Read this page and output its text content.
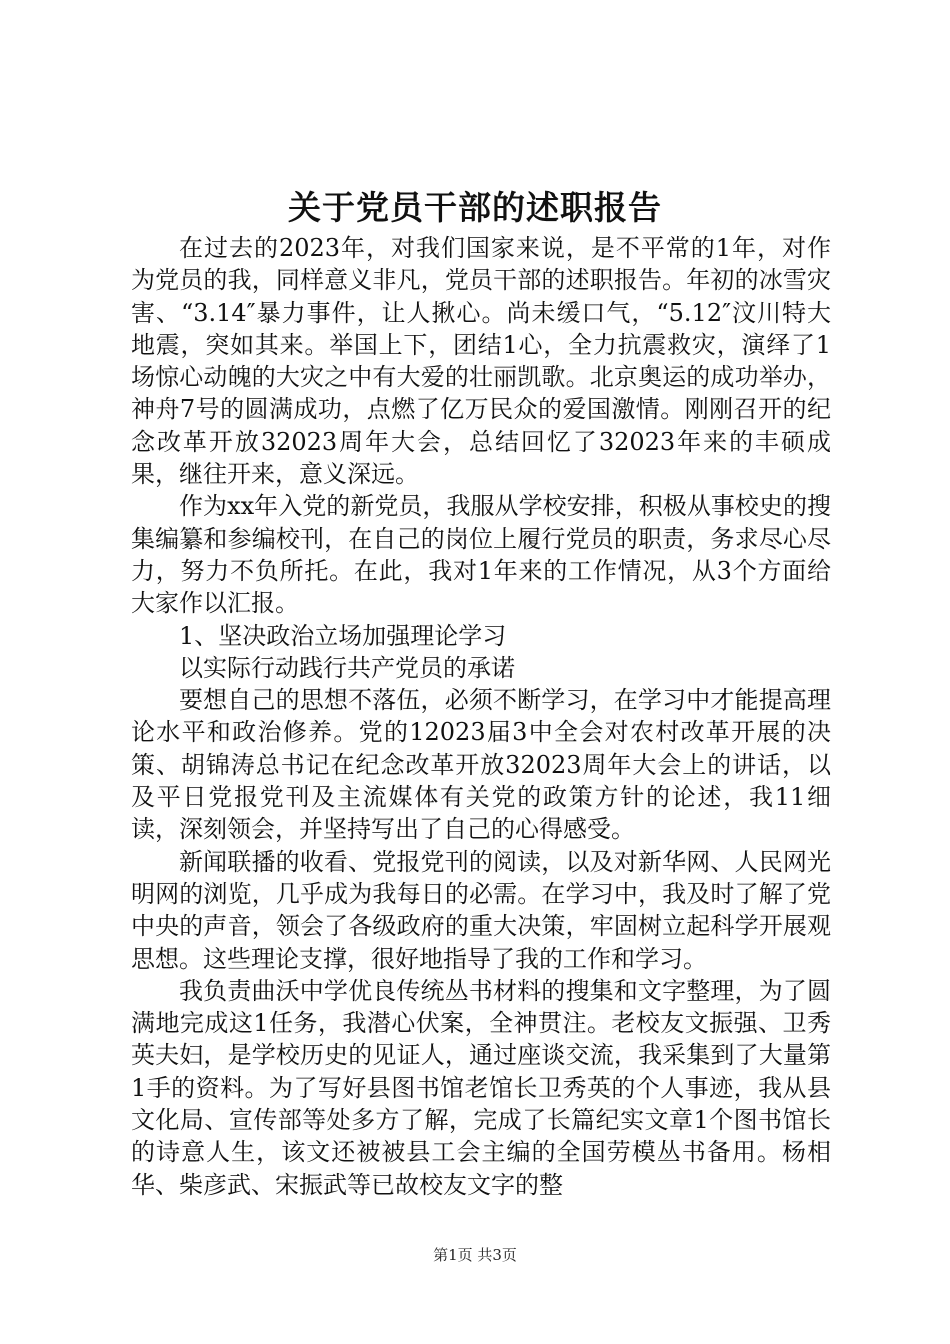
关于党员干部的述职报告

在过去的2023年，对我们国家来说，是不平常的1年，对作为党员的我，同样意义非凡，党员干部的述职报告。年初的冰雪灾害、“3.14″暴力事件，让人揪心。尚未缓口气，“5.12″汶川特大地震，突如其来。举国上下，团结1心，全力抗震救灾，演绎了1场惊心动魄的大灾之中有大爱的壮丽凯歌。北京奥运的成功举办，神舟7号的圆满成功，点燃了亿万民众的爱国激情。刚刚召开的纪念改革开放32023周年大会，总结回忆了32023年来的丰硕成果，继往开来，意义深远。

作为xx年入党的新党员，我服从学校安排，积极从事校史的搜集编纂和参编校刊，在自己的岗位上履行党员的职责，务求尽心尽力，努力不负所托。在此，我对1年来的工作情况，从3个方面给大家作以汇报。

1、坚决政治立场加强理论学习

以实际行动践行共产党员的承诺

要想自己的思想不落伍，必须不断学习，在学习中才能提高理论水平和政治修养。党的12023届3中全会对农村改革开展的决策、胡锦涛总书记在纪念改革开放32023周年大会上的讲话，以及平日党报党刊及主流媒体有关党的政策方针的论述，我11细读，深刻领会，并坚持写出了自己的心得感受。

新闻联播的收看、党报党刊的阅读，以及对新华网、人民网光明网的浏览，几乎成为我每日的必需。在学习中，我及时了解了党中央的声音，领会了各级政府的重大决策，牢固树立起科学开展观思想。这些理论支撑，很好地指导了我的工作和学习。

我负责曲沃中学优良传统丛书材料的搜集和文字整理，为了圆满地完成这1任务，我潜心伏案，全神贯注。老校友文振强、卫秀英夫妇，是学校历史的见证人，通过座谈交流，我采集到了大量第1手的资料。为了写好县图书馆老馆长卫秀英的个人事迹，我从县文化局、宣传部等处多方了解，完成了长篇纪实文章1个图书馆长的诗意人生，该文还被被县工会主编的全国劳模丛书备用。杨相华、柴彦武、宋振武等已故校友文字的整

第1页 共3页
